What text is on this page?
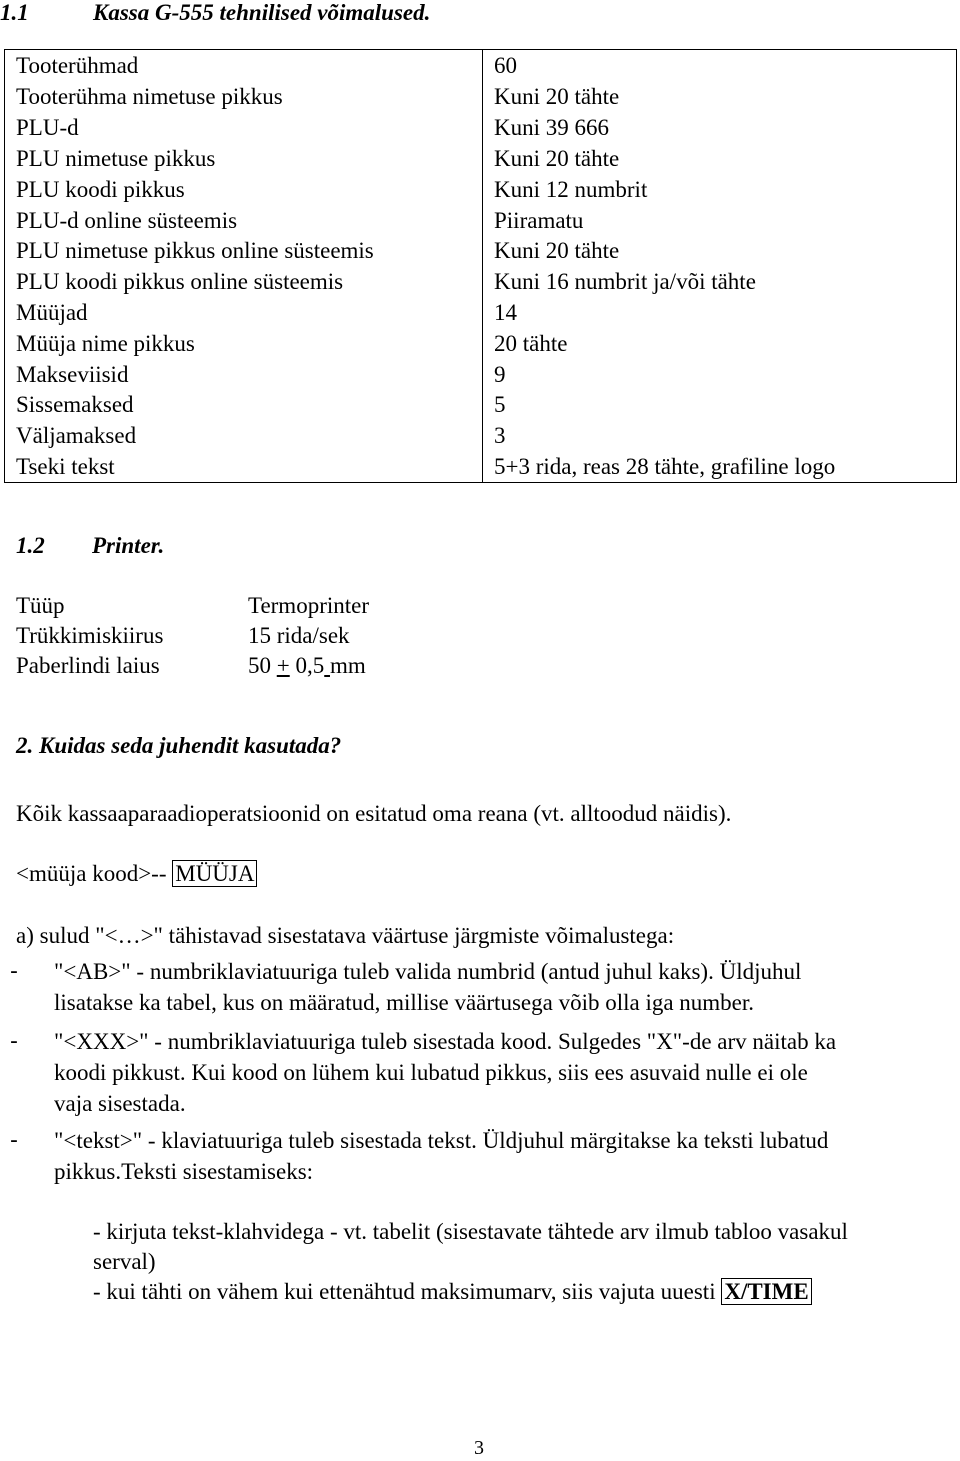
1.1	Kassa G-555 tehnilised võimalused.
Tooterühmad	60
Tooterühma nimetuse pikkus	Kuni 20 tähte
PLU-d	Kuni 39 666
PLU nimetuse pikkus	Kuni 20 tähte
PLU koodi pikkus	Kuni 12 numbrit
PLU-d online süsteemis	Piiramatu
PLU nimetuse pikkus online süsteemis	Kuni 20 tähte
PLU koodi pikkus online süsteemis	Kuni 16 numbrit ja/või tähte
Müüjad	14
Müüja nime pikkus	20 tähte
Makseviisid	9
Sissemaksed	5
Väljamaksed	3
Tseki tekst	5+3 rida, reas 28 tähte, grafiline logo
1.2 Printer.
Tüüp	Termoprinter
Trükkimiskiirus	15 rida/sek
Paberlindi laius	50 + 0,5 mm
2. Kuidas seda juhendit kasutada?
Kõik kassaaparaadioperatsioonid on esitatud oma reana (vt. alltoodud näidis).
<müüja kood>-- MÜÜJA
a) sulud "<…>" tähistavad sisestatava väärtuse järgmiste võimalustega:
- "<AB>" - numbriklaviatuuriga tuleb valida numbrid (antud juhul kaks). Üldjuhul
lisatakse ka tabel, kus on määratud, millise väärtusega võib olla iga number.
- "<XXX>" - numbriklaviatuuriga tuleb sisestada kood. Sulgedes "X"-de arv näitab ka
koodi pikkust. Kui kood on lühem kui lubatud pikkus, siis ees asuvaid nulle ei ole
vaja sisestada.
- "<tekst>" - klaviatuuriga tuleb sisestada tekst. Üldjuhul märgitakse ka teksti lubatud
pikkus.Teksti sisestamiseks:
- kirjuta tekst-klahvidega - vt. tabelit (sisestavate tähtede arv ilmub tabloo vasakul
serval)
- kui tähti on vähem kui ettenähtud maksimumarv, siis vajuta uuesti X/TIME
3
